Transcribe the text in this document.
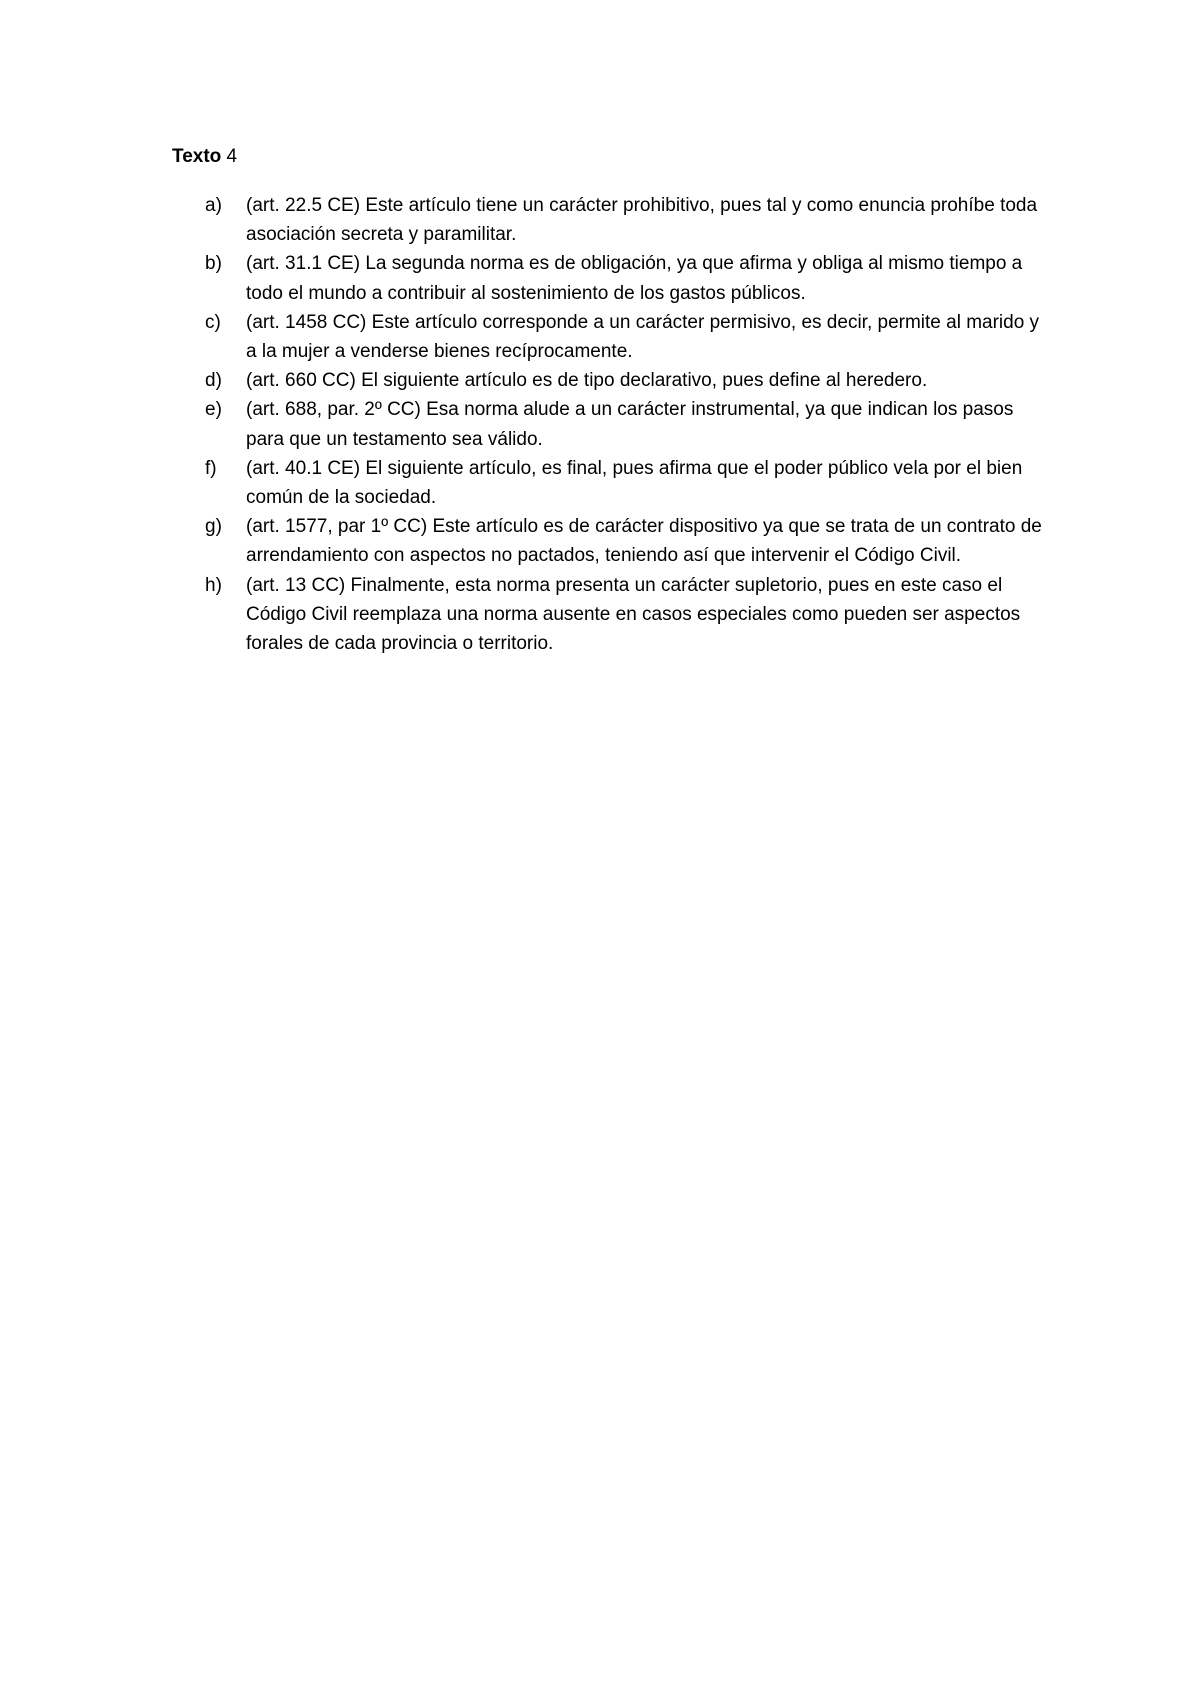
Texto 4
a)	(art. 22.5 CE) Este artículo tiene un carácter prohibitivo, pues tal y como enuncia prohíbe toda asociación secreta y paramilitar.
b)	(art. 31.1 CE) La segunda norma es de obligación, ya que afirma y obliga al mismo tiempo a todo el mundo a contribuir al sostenimiento de los gastos públicos.
c)	(art. 1458 CC) Este artículo corresponde a un carácter permisivo, es decir, permite al marido y a la mujer a venderse bienes recíprocamente.
d)	(art. 660 CC) El siguiente artículo es de tipo declarativo, pues define al heredero.
e)	(art. 688, par. 2º CC) Esa norma alude a un carácter instrumental, ya que indican los pasos para que un testamento sea válido.
f)	(art. 40.1 CE) El siguiente artículo, es final, pues afirma que el poder público vela por el bien común de la sociedad.
g)	(art. 1577, par 1º CC) Este artículo es de carácter dispositivo ya que se trata de un contrato de arrendamiento con aspectos no pactados, teniendo así que intervenir el Código Civil.
h)	(art. 13 CC) Finalmente, esta norma presenta un carácter supletorio, pues en este caso el Código Civil reemplaza una norma ausente en casos especiales como pueden ser aspectos forales de cada provincia o territorio.
